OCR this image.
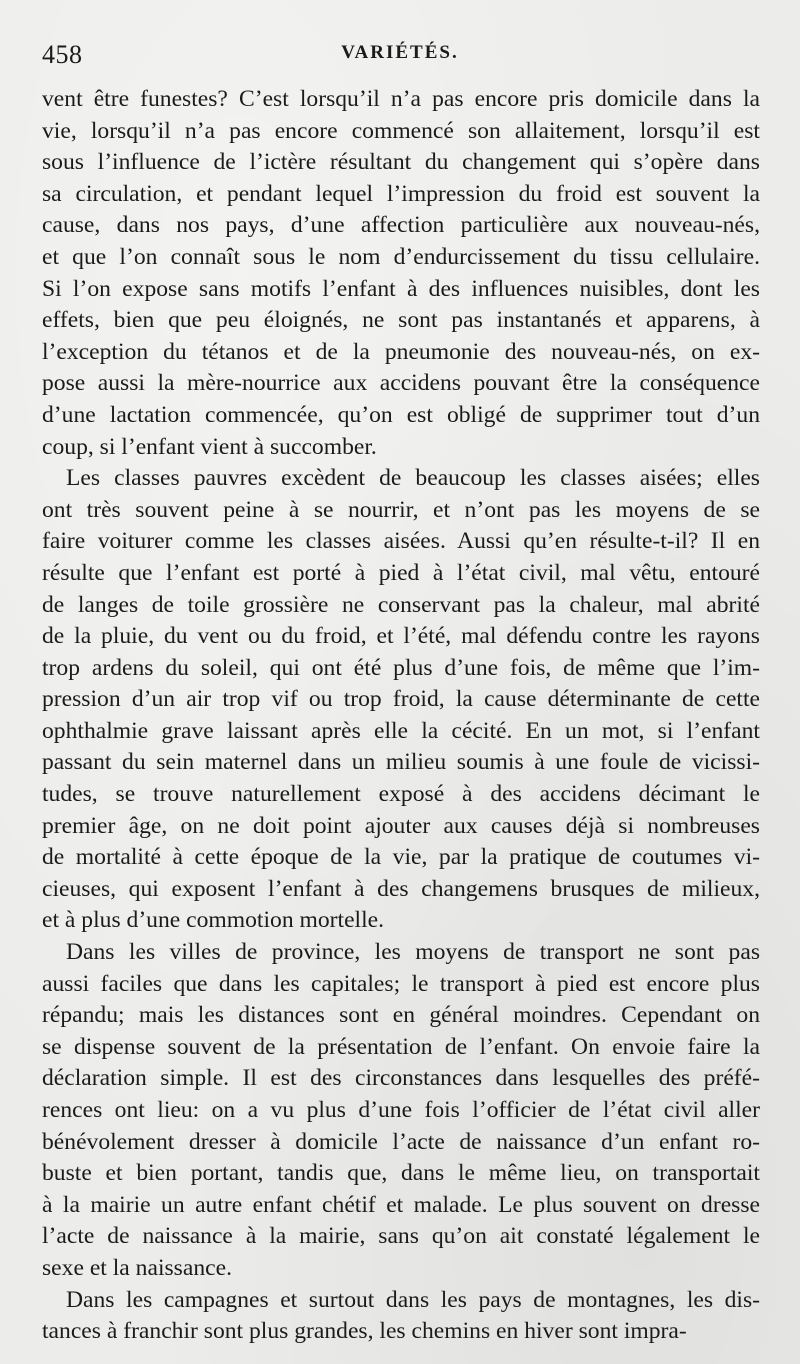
458	VARIÉTÉS.
vent être funestes? C’est lorsqu’il n’a pas encore pris domicile dans la
vie, lorsqu’il n’a pas encore commencé son allaitement, lorsqu’il est
sous l’influence de l’ictère résultant du changement qui s’opère dans
sa circulation, et pendant lequel l’impression du froid est souvent la
cause, dans nos pays, d’une affection particulière aux nouveau-nés,
et que l’on connaît sous le nom d’endurcissement du tissu cellulaire.
Si l’on expose sans motifs l’enfant à des influences nuisibles, dont les
effets, bien que peu éloignés, ne sont pas instantanés et apparens, à
l’exception du tétanos et de la pneumonie des nouveau-nés, on ex-
pose aussi la mère-nourrice aux accidens pouvant être la conséquence
d’une lactation commencée, qu’on est obligé de supprimer tout d’un
coup, si l’enfant vient à succomber.
Les classes pauvres excèdent de beaucoup les classes aisées; elles
ont très souvent peine à se nourrir, et n’ont pas les moyens de se
faire voiturer comme les classes aisées. Aussi qu’en résulte-t-il? Il en
résulte que l’enfant est porté à pied à l’état civil, mal vêtu, entouré
de langes de toile grossière ne conservant pas la chaleur, mal abrité
de la pluie, du vent ou du froid, et l’été, mal défendu contre les rayons
trop ardens du soleil, qui ont été plus d’une fois, de même que l’im-
pression d’un air trop vif ou trop froid, la cause déterminante de cette
ophthalmie grave laissant après elle la cécité. En un mot, si l’enfant
passant du sein maternel dans un milieu soumis à une foule de vicissi-
tudes, se trouve naturellement exposé à des accidens décimant le
premier âge, on ne doit point ajouter aux causes déjà si nombreuses
de mortalité à cette époque de la vie, par la pratique de coutumes vi-
cieuses, qui exposent l’enfant à des changemens brusques de milieux,
et à plus d’une commotion mortelle.
Dans les villes de province, les moyens de transport ne sont pas
aussi faciles que dans les capitales; le transport à pied est encore plus
répandu; mais les distances sont en général moindres. Cependant on
se dispense souvent de la présentation de l’enfant. On envoie faire la
déclaration simple. Il est des circonstances dans lesquelles des préfé-
rences ont lieu: on a vu plus d’une fois l’officier de l’état civil aller
bénévolement dresser à domicile l’acte de naissance d’un enfant ro-
buste et bien portant, tandis que, dans le même lieu, on transportait
à la mairie un autre enfant chétif et malade. Le plus souvent on dresse
l’acte de naissance à la mairie, sans qu’on ait constaté légalement le
sexe et la naissance.
Dans les campagnes et surtout dans les pays de montagnes, les dis-
tances à franchir sont plus grandes, les chemins en hiver sont impra-
